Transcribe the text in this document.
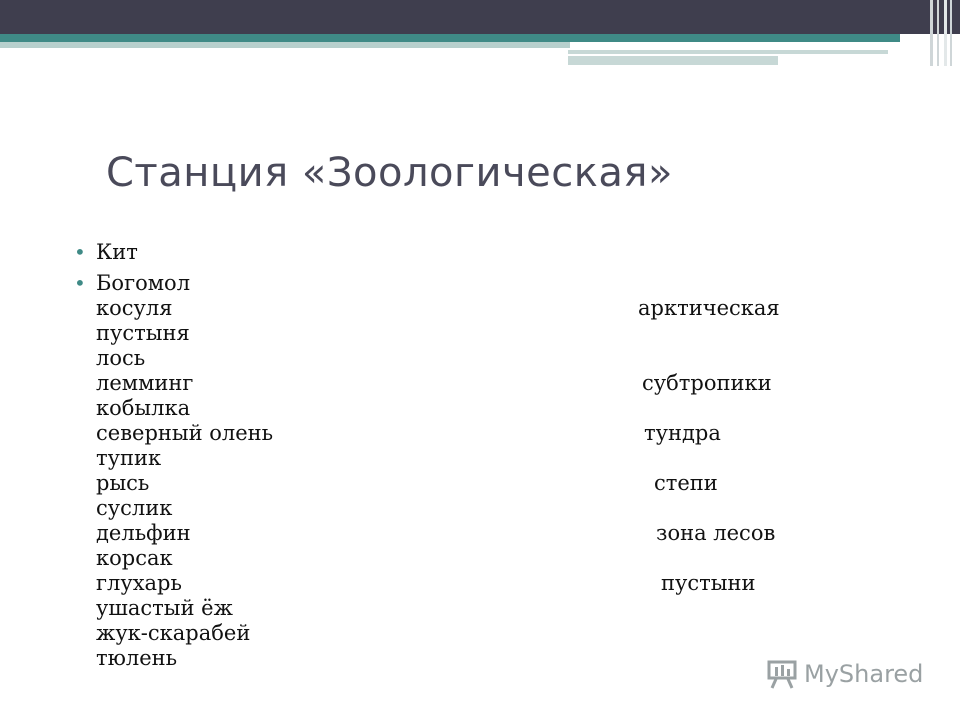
Станция «Зоологическая»
• Кит
• Богомол
косуля	арктическая
пустыня
лось
лемминг	субтропики
кобылка
северный олень	тундра
тупик
рысь	степи
суслик
дельфин	зона лесов
корсак
глухарь	пустыни
ушастый ёж
жук-скарабей
тюлень
MyShared
